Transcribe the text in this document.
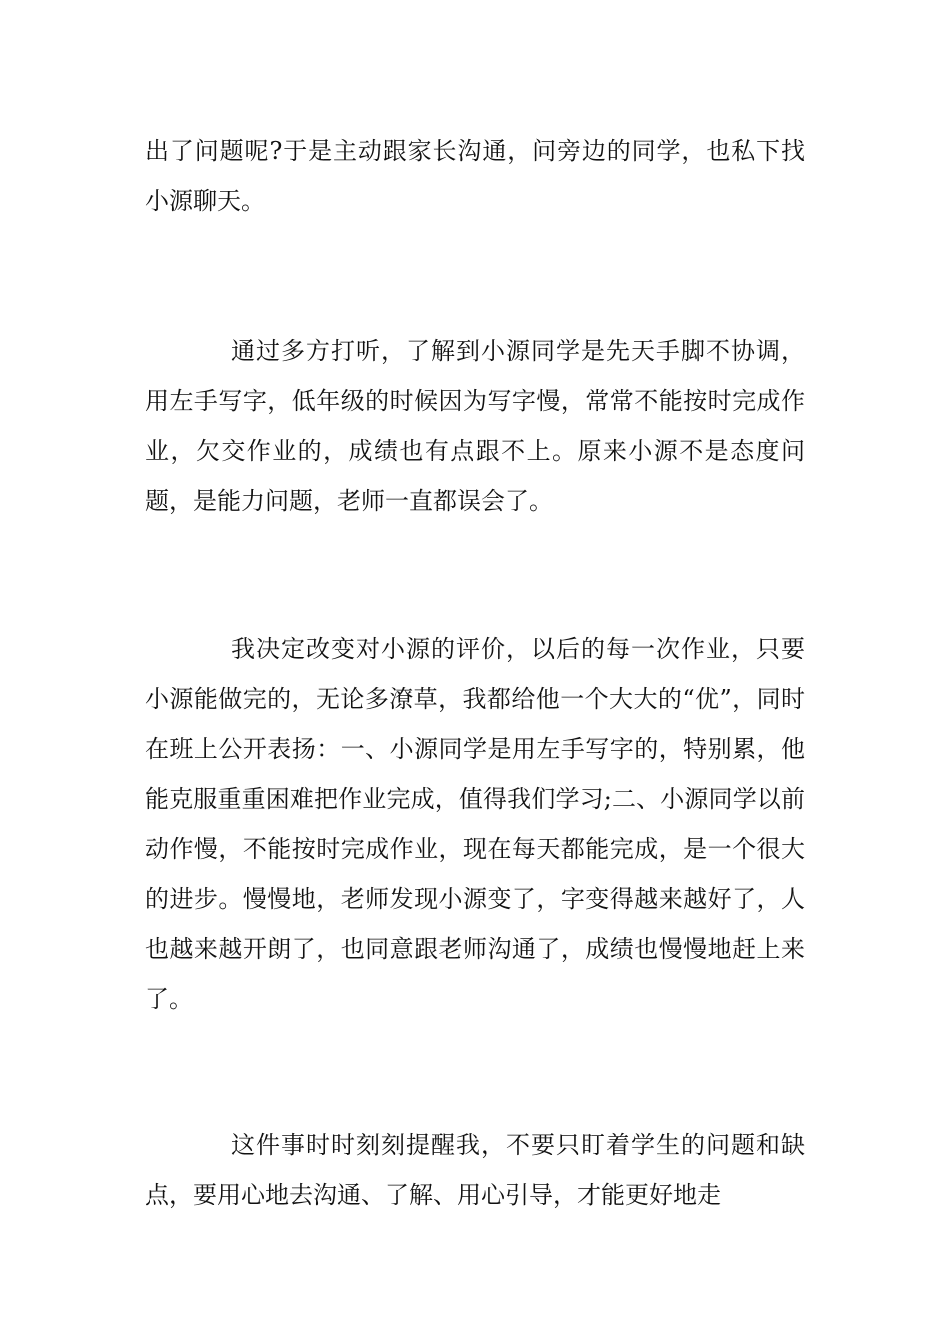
出了问题呢?于是主动跟家长沟通，问旁边的同学，也私下找小源聊天。

通过多方打听，了解到小源同学是先天手脚不协调，用左手写字，低年级的时候因为写字慢，常常不能按时完成作业，欠交作业的，成绩也有点跟不上。原来小源不是态度问题，是能力问题，老师一直都误会了。

我决定改变对小源的评价，以后的每一次作业，只要小源能做完的，无论多潦草，我都给他一个大大的“优”，同时在班上公开表扬：一、小源同学是用左手写字的，特别累，他能克服重重困难把作业完成，值得我们学习;二、小源同学以前动作慢，不能按时完成作业，现在每天都能完成，是一个很大的进步。慢慢地，老师发现小源变了，字变得越来越好了，人也越来越开朗了，也同意跟老师沟通了，成绩也慢慢地赶上来了。

这件事时时刻刻提醒我，不要只盯着学生的问题和缺点，要用心地去沟通、了解、用心引导，才能更好地走
